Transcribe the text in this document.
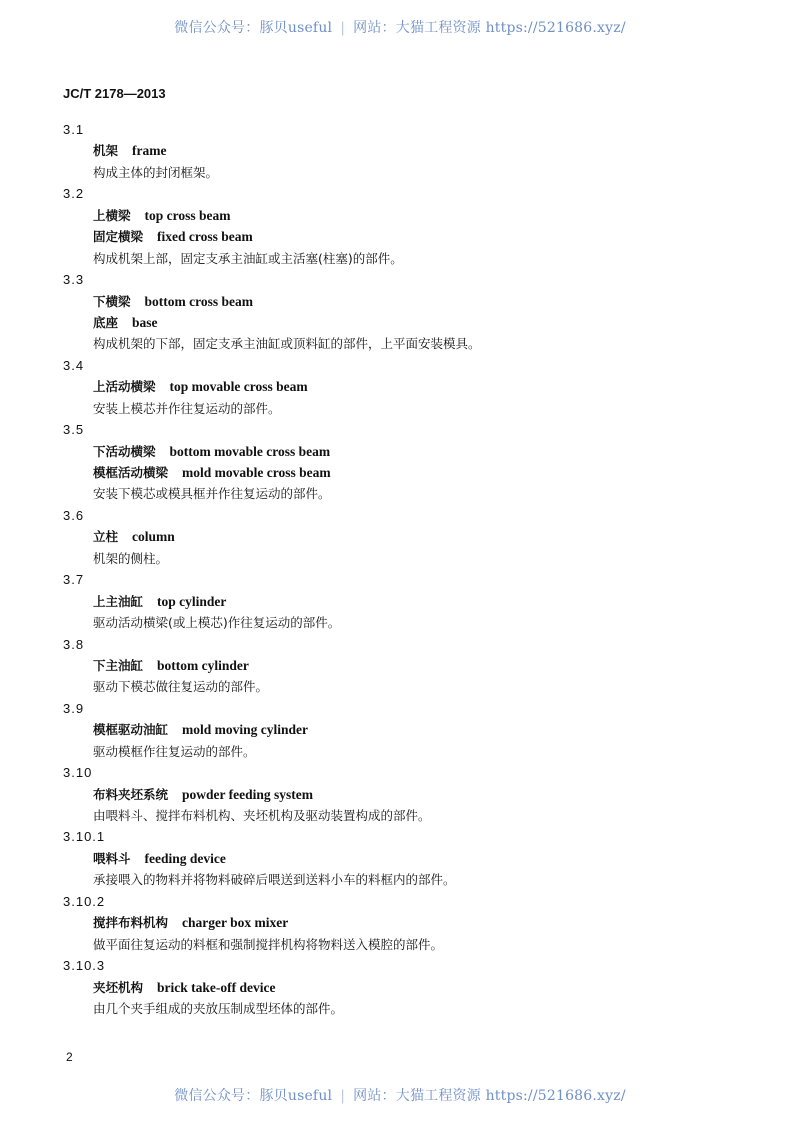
微信公众号：豚贝useful | 网站：大猫工程资源 https://521686.xyz/
JC/T 2178—2013
3.1
机架 frame
构成主体的封闭框架。
3.2
上横梁 top cross beam
固定横梁 fixed cross beam
构成机架上部，固定支承主油缸或主活塞(柱塞)的部件。
3.3
下横梁 bottom cross beam
底座 base
构成机架的下部，固定支承主油缸或顶料缸的部件，上平面安装模具。
3.4
上活动横梁 top movable cross beam
安装上模芯并作往复运动的部件。
3.5
下活动横梁 bottom movable cross beam
模框活动横梁 mold movable cross beam
安装下模芯或模具框并作往复运动的部件。
3.6
立柱 column
机架的侧柱。
3.7
上主油缸 top cylinder
驱动活动横梁(或上模芯)作往复运动的部件。
3.8
下主油缸 bottom cylinder
驱动下模芯做往复运动的部件。
3.9
模框驱动油缸 mold moving cylinder
驱动模框作往复运动的部件。
3.10
布料夹坯系统 powder feeding system
由喂料斗、搅拌布料机构、夹坯机构及驱动装置构成的部件。
3.10.1
喂料斗 feeding device
承接喂入的物料并将物料破碎后喂送到送料小车的料框内的部件。
3.10.2
搅拌布料机构 charger box mixer
做平面往复运动的料框和强制搅拌机构将物料送入模腔的部件。
3.10.3
夹坯机构 brick take-off device
由几个夹手组成的夹放压制成型坯体的部件。
2
微信公众号：豚贝useful | 网站：大猫工程资源 https://521686.xyz/
